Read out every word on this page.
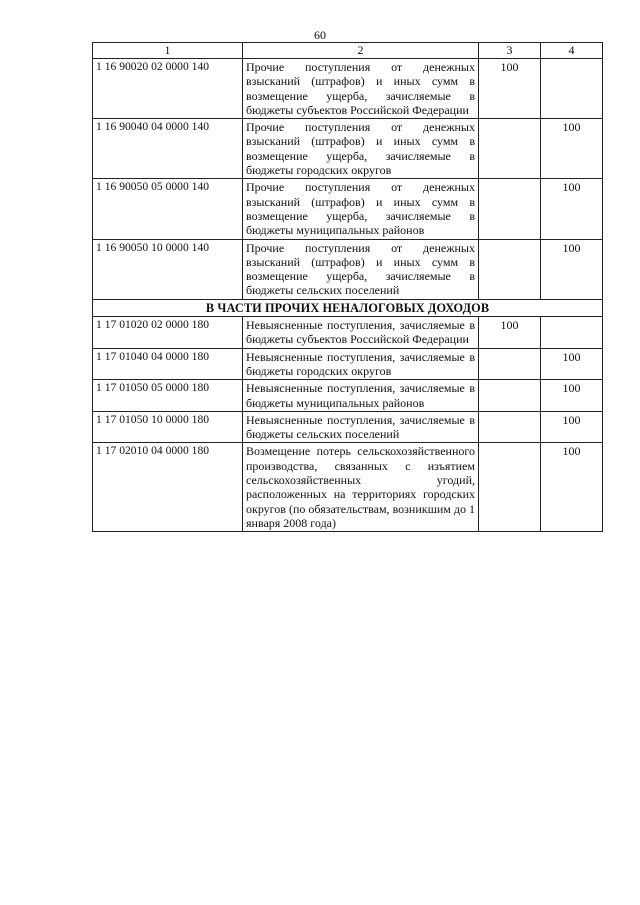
60
1	2	3	4
1 16 90020 02 0000 140	Прочие поступления от денежных взысканий (штрафов) и иных сумм в возмещение ущерба, зачисляемые в бюджеты субъектов Российской Федерации	100	
1 16 90040 04 0000 140	Прочие поступления от денежных взысканий (штрафов) и иных сумм в возмещение ущерба, зачисляемые в бюджеты городских округов		100
1 16 90050 05 0000 140	Прочие поступления от денежных взысканий (штрафов) и иных сумм в возмещение ущерба, зачисляемые в бюджеты муниципальных районов		100
1 16 90050 10 0000 140	Прочие поступления от денежных взысканий (штрафов) и иных сумм в возмещение ущерба, зачисляемые в бюджеты сельских поселений		100
В ЧАСТИ ПРОЧИХ НЕНАЛОГОВЫХ ДОХОДОВ			
1 17 01020 02 0000 180	Невыясненные поступления, зачисляемые в бюджеты субъектов Российской Федерации	100	
1 17 01040 04 0000 180	Невыясненные поступления, зачисляемые в бюджеты городских округов		100
1 17 01050 05 0000 180	Невыясненные поступления, зачисляемые в бюджеты муниципальных районов		100
1 17 01050 10 0000 180	Невыясненные поступления, зачисляемые в бюджеты сельских поселений		100
1 17 02010 04 0000 180	Возмещение потерь сельскохозяйственного производства, связанных с изъятием сельскохозяйственных угодий, расположенных на территориях городских округов (по обязательствам, возникшим до 1 января 2008 года)		100
